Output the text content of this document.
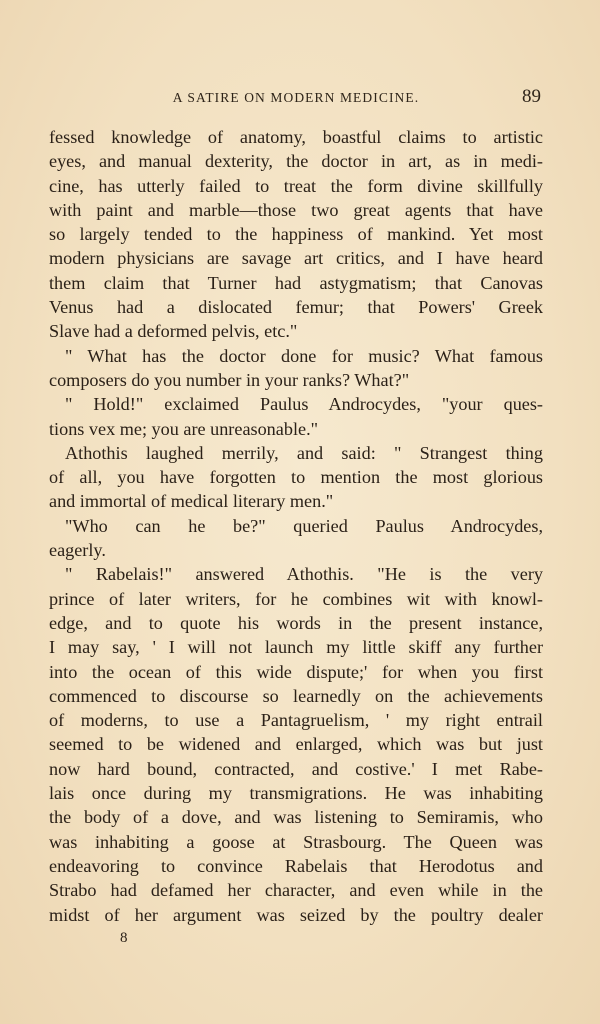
A SATIRE ON MODERN MEDICINE.	89
fessed knowledge of anatomy, boastful claims to artistic
eyes, and manual dexterity, the doctor in art, as in medi-
cine, has utterly failed to treat the form divine skillfully
with paint and marble—those two great agents that have
so largely tended to the happiness of mankind. Yet most
modern physicians are savage art critics, and I have heard
them claim that Turner had astygmatism; that Canovas
Venus had a dislocated femur; that Powers' Greek
Slave had a deformed pelvis, etc."
" What has the doctor done for music? What famous
composers do you number in your ranks? What?"
" Hold!" exclaimed Paulus Androcydes, "your ques-
tions vex me; you are unreasonable."
Athothis laughed merrily, and said: " Strangest thing
of all, you have forgotten to mention the most glorious
and immortal of medical literary men."
"Who can he be?" queried Paulus Androcydes,
eagerly.
" Rabelais!" answered Athothis. "He is the very
prince of later writers, for he combines wit with knowl-
edge, and to quote his words in the present instance,
I may say, ' I will not launch my little skiff any further
into the ocean of this wide dispute;' for when you first
commenced to discourse so learnedly on the achievements
of moderns, to use a Pantagruelism, ' my right entrail
seemed to be widened and enlarged, which was but just
now hard bound, contracted, and costive.' I met Rabe-
lais once during my transmigrations. He was inhabiting
the body of a dove, and was listening to Semiramis, who
was inhabiting a goose at Strasbourg. The Queen was
endeavoring to convince Rabelais that Herodotus and
Strabo had defamed her character, and even while in the
midst of her argument was seized by the poultry dealer
8
